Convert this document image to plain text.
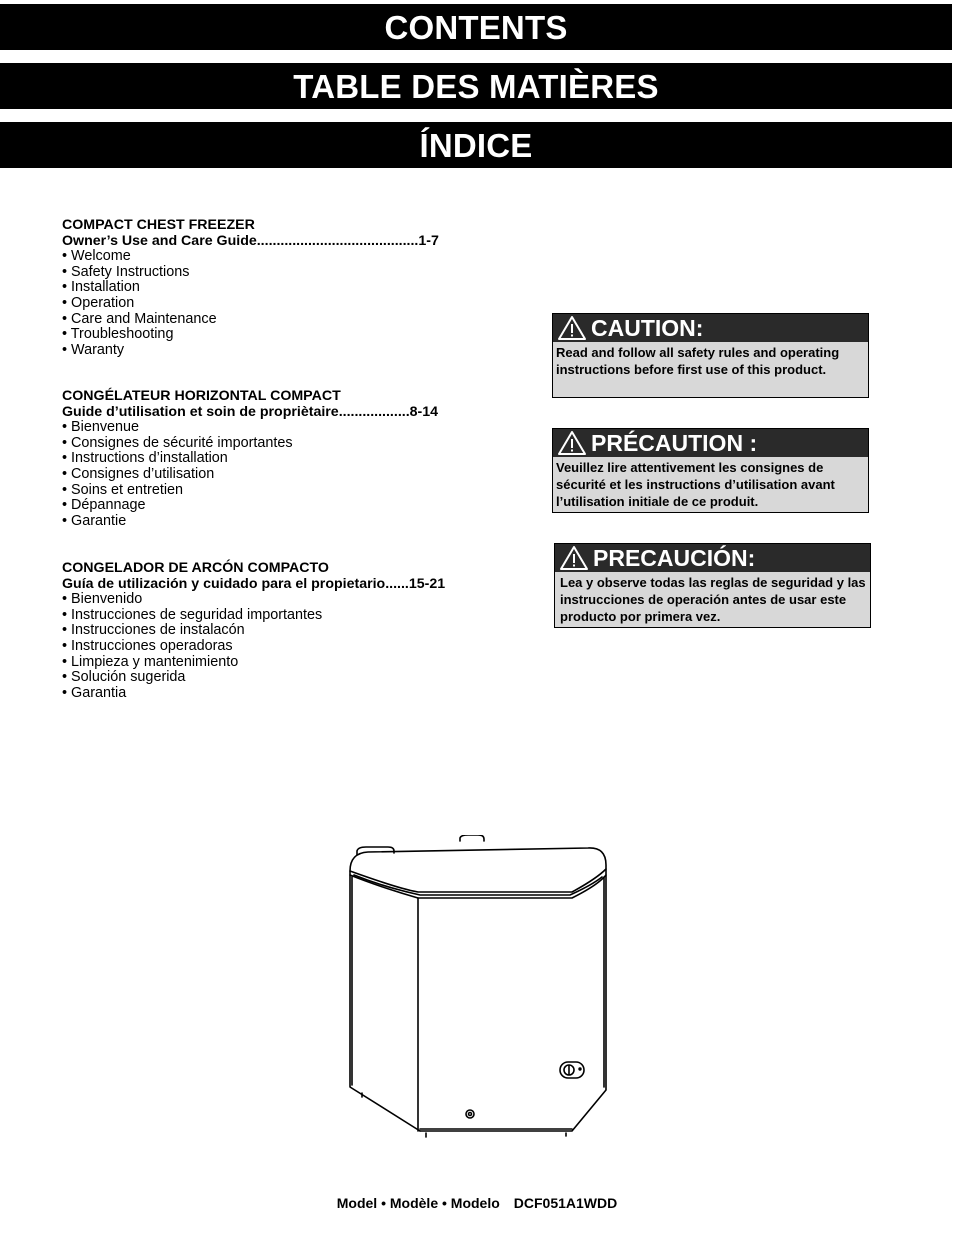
CONTENTS
TABLE DES MATIÈRES
ÍNDICE
COMPACT CHEST FREEZER
Owner’s Use and Care Guide.........................................1-7
• Welcome
• Safety Instructions
• Installation
• Operation
• Care and Maintenance
• Troubleshooting
• Waranty
CONGÉLATEUR HORIZONTAL COMPACT
Guide d’utilisation et soin de propriètaire..................8-14
• Bienvenue
• Consignes de sécurité importantes
• Instructions d’installation
• Consignes d’utilisation
• Soins et entretien
• Dépannage
• Garantie
CONGELADOR DE ARCÓN COMPACTO
Guía de utilización y cuidado para el propietario......15-21
• Bienvenido
• Instrucciones de seguridad importantes
• Instrucciones de instalacón
• Instrucciones operadoras
• Limpieza y mantenimiento
• Solución sugerida
• Garantia
CAUTION:
Read and follow all safety rules and operating instructions before first use of this product.
PRÉCAUTION :
Veuillez lire attentivement les consignes de sécurité et les instructions d’utilisation avant l’utilisation initiale de ce produit.
PRECAUCIÓN:
Lea y observe todas las reglas de seguridad y las instrucciones de operación antes de usar este producto por primera vez.
Model • Modèle • Modelo DCF051A1WDD
